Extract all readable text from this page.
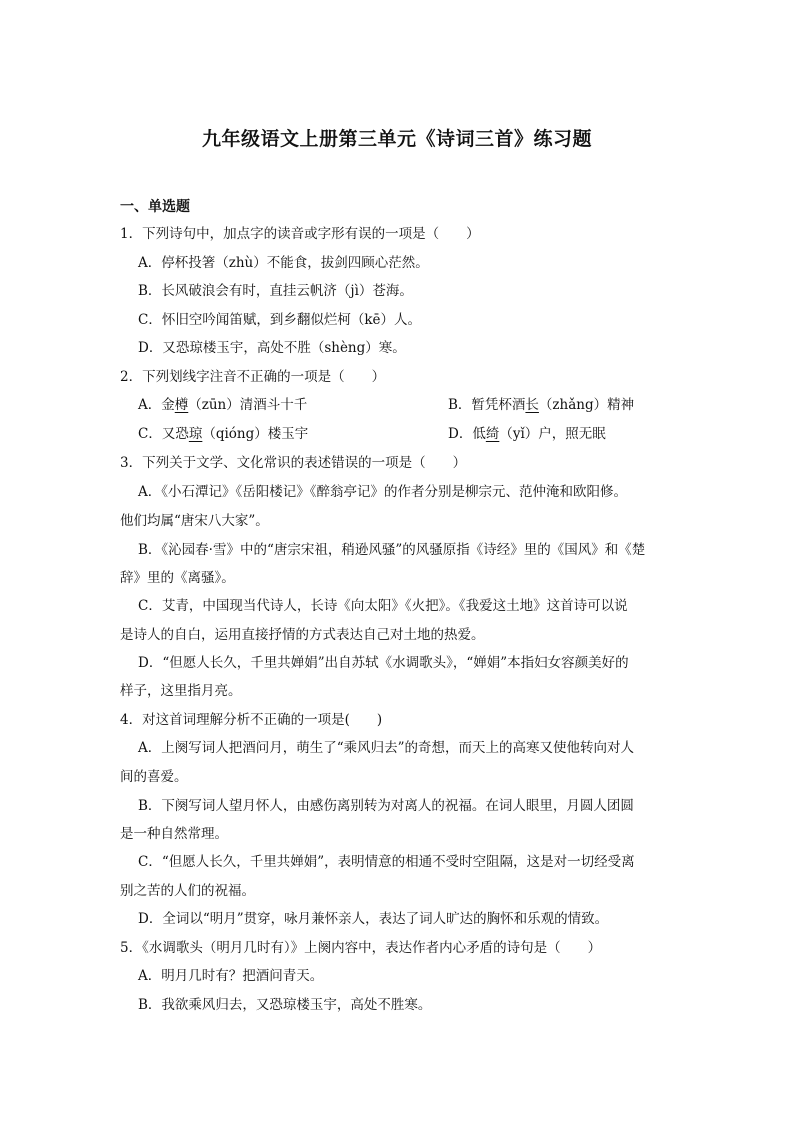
九年级语文上册第三单元《诗词三首》练习题
一、单选题
1．下列诗句中，加点字的读音或字形有误的一项是（　　）
A．停杯投箸（zhù）不能食，拔剑四顾心茫然。
B．长风破浪会有时，直挂云帆济（jì）苍海。
C．怀旧空吟闻笛赋，到乡翻似烂柯（kē）人。
D．又恐琼楼玉宇，高处不胜（shèng）寒。
2．下列划线字注音不正确的一项是（　　）
A．金樽（zūn）清酒斗十千	B．暂凭杯酒长（zhǎng）精神
C．又恐琼（qióng）楼玉宇	D．低绮（yǐ）户，照无眠
3．下列关于文学、文化常识的表述错误的一项是（　　）
A．《小石潭记》《岳阳楼记》《醉翁亭记》的作者分别是柳宗元、范仲淹和欧阳修。
他们均属“唐宋八大家”。
B．《沁园春·雪》中的“唐宗宋祖，稍逊风骚”的风骚原指《诗经》里的《国风》和《楚
辞》里的《离骚》。
C．艾青，中国现当代诗人，长诗《向太阳》《火把》。《我爱这土地》这首诗可以说
是诗人的自白，运用直接抒情的方式表达自己对土地的热爱。
D．“但愿人长久，千里共婵娟”出自苏轼《水调歌头》，“婵娟”本指妇女容颜美好的
样子，这里指月亮。
4．对这首词理解分析不正确的一项是(　　)
A．上阕写词人把酒问月，萌生了“乘风归去”的奇想，而天上的高寒又使他转向对人
间的喜爱。
B．下阕写词人望月怀人，由感伤离别转为对离人的祝福。在词人眼里，月圆人团圆
是一种自然常理。
C．“但愿人长久，千里共婵娟”，表明情意的相通不受时空阻隔，这是对一切经受离
别之苦的人们的祝福。
D．全词以“明月”贯穿，咏月兼怀亲人，表达了词人旷达的胸怀和乐观的情致。
5．《水调歌头（明月几时有）》上阕内容中，表达作者内心矛盾的诗句是（　　）
A．明月几时有？把酒问青天。
B．我欲乘风归去，又恐琼楼玉宇，高处不胜寒。
